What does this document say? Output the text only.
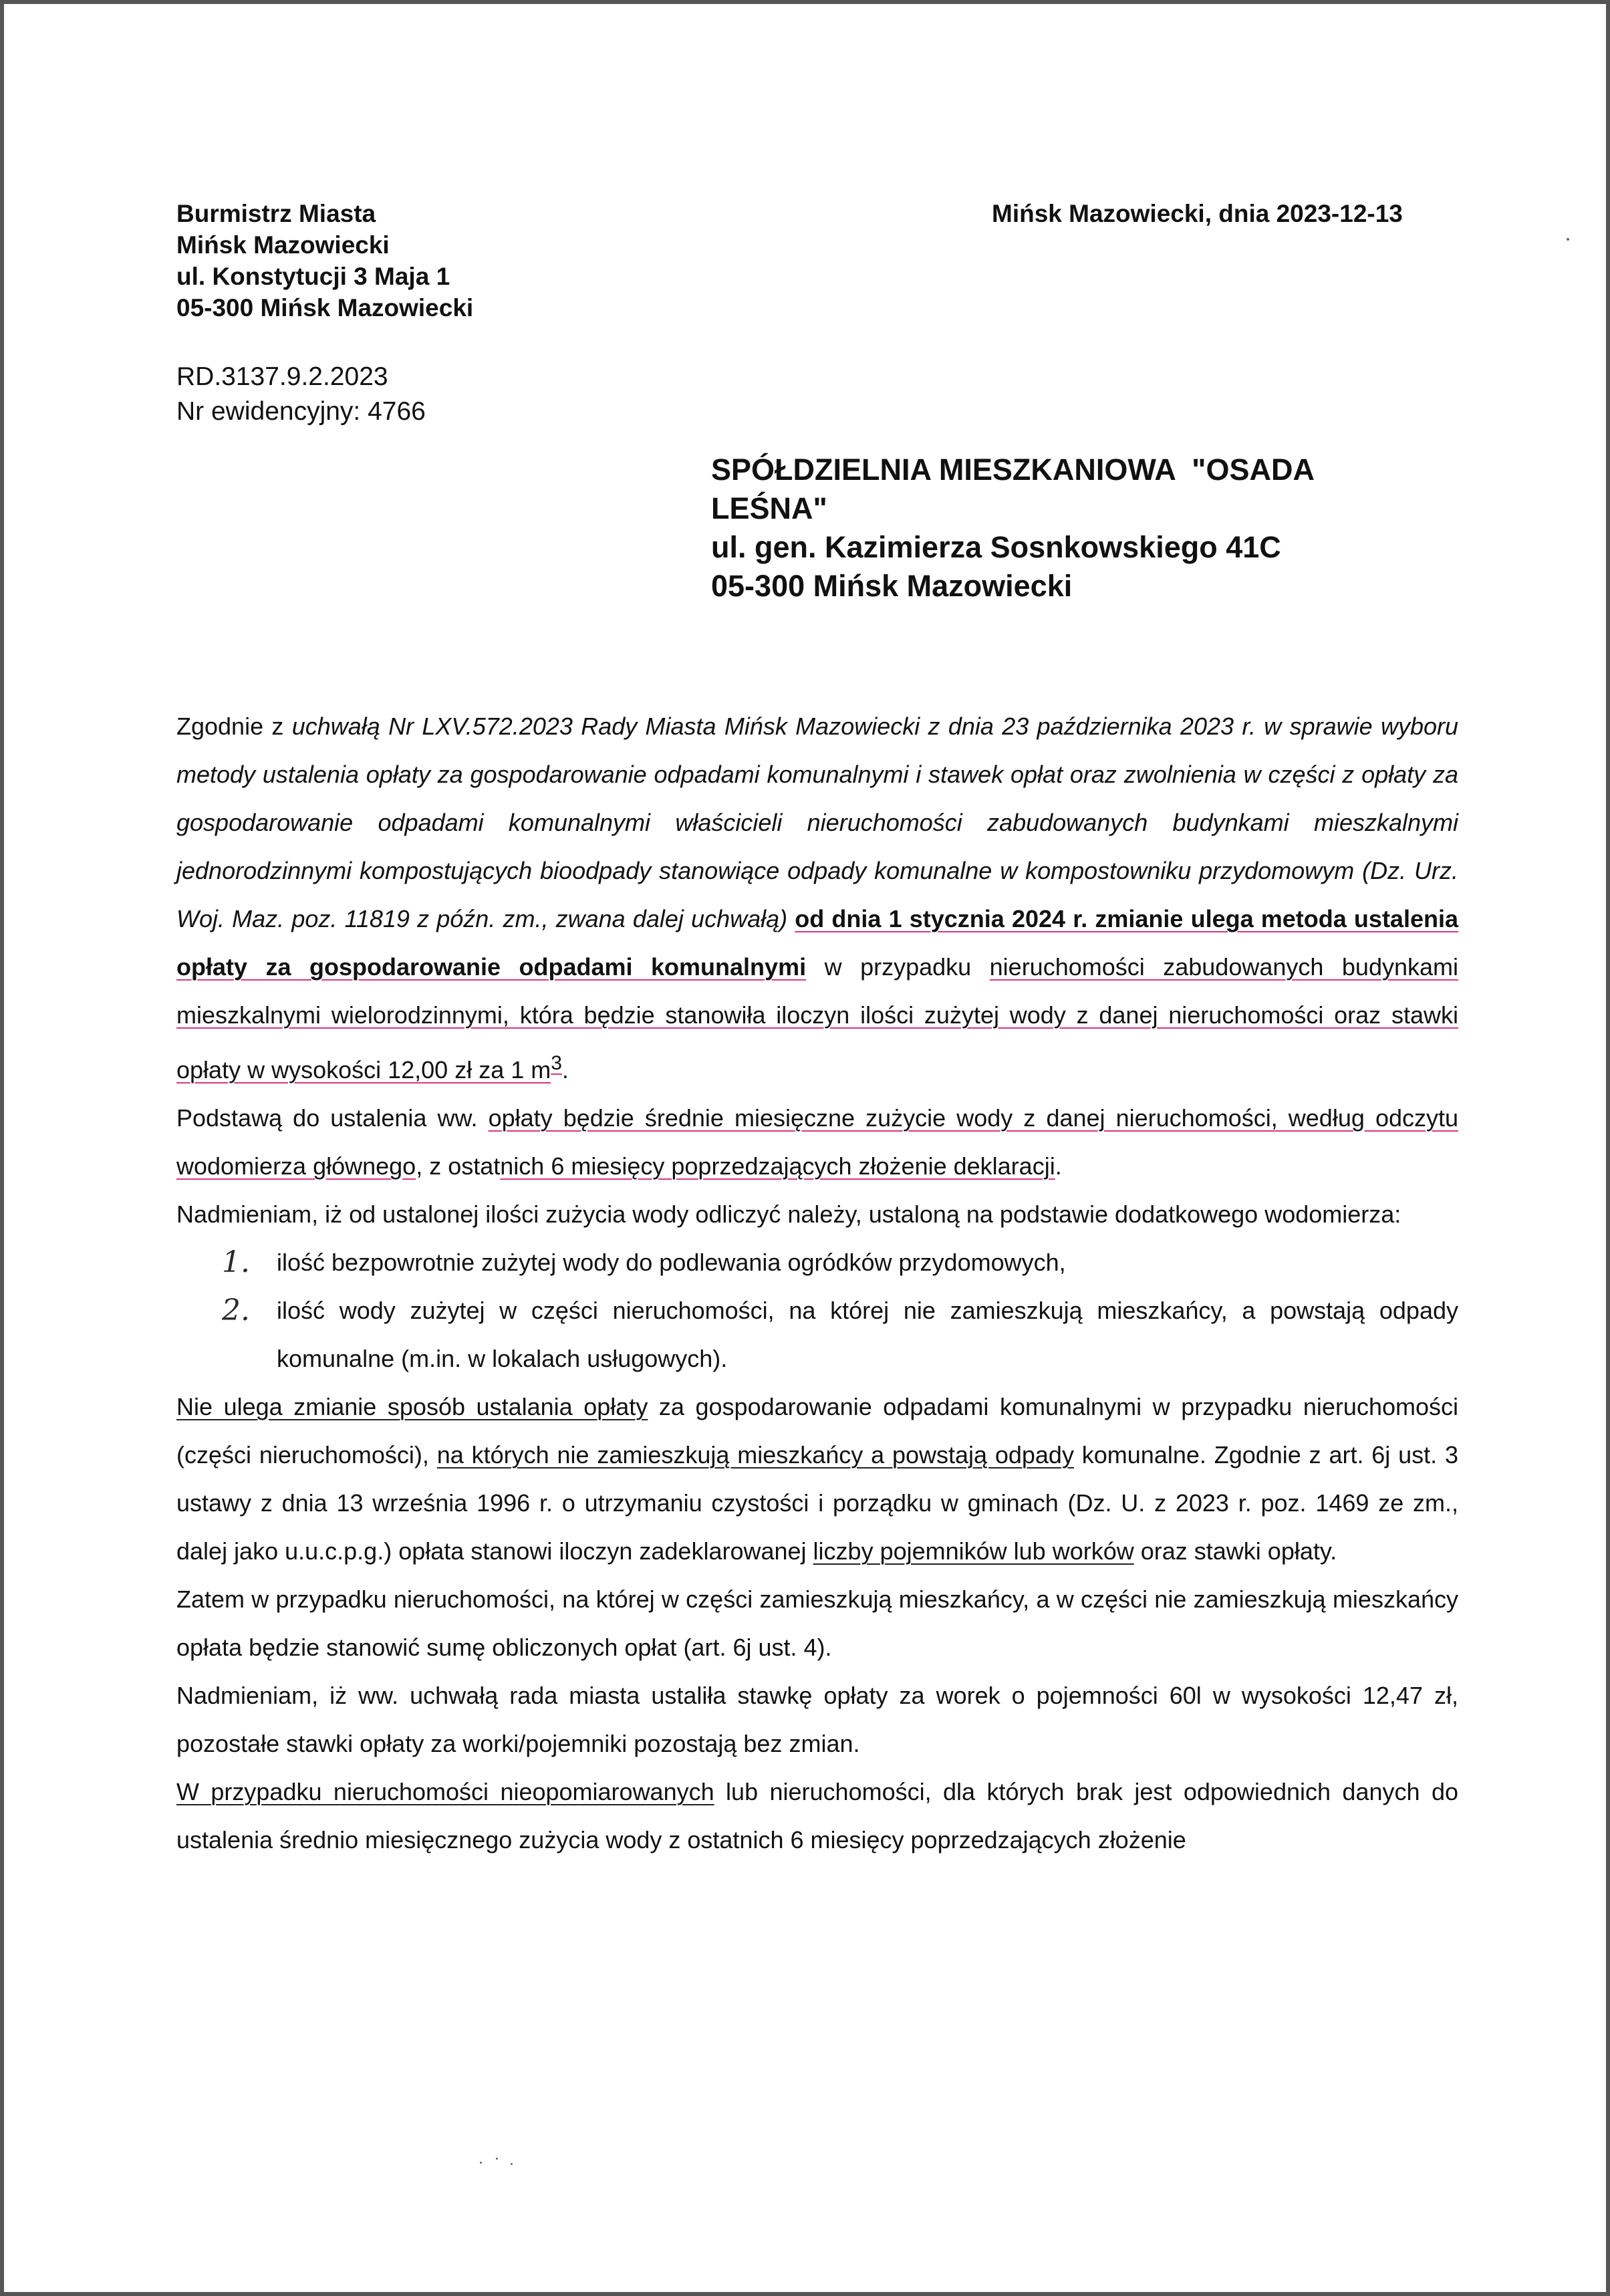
Burmistrz Miasta
Mińsk Mazowiecki
ul. Konstytucji 3 Maja 1
05-300 Mińsk Mazowiecki
Mińsk Mazowiecki, dnia 2023-12-13
RD.3137.9.2.2023
Nr ewidencyjny: 4766
SPÓŁDZIELNIA MIESZKANIOWA  "OSADA
LEŚNA"
ul. gen. Kazimierza Sosnkowskiego 41C
05-300 Mińsk Mazowiecki

Zgodnie z uchwałą Nr LXV.572.2023 Rady Miasta Mińsk Mazowiecki z dnia 23 października 2023 r. w sprawie wyboru metody ustalenia opłaty za gospodarowanie odpadami komunalnymi i stawek opłat oraz zwolnienia w części z opłaty za gospodarowanie odpadami komunalnymi właścicieli nieruchomości zabudowanych budynkami mieszkalnymi jednorodzinnymi kompostujących bioodpady stanowiące odpady komunalne w kompostowniku przydomowym (Dz. Urz. Woj. Maz. poz. 11819 z późn. zm., zwana dalej uchwałą) od dnia 1 stycznia 2024 r. zmianie ulega metoda ustalenia opłaty za gospodarowanie odpadami komunalnymi w przypadku nieruchomości zabudowanych budynkami mieszkalnymi wielorodzinnymi, która będzie stanowiła iloczyn ilości zużytej wody z danej nieruchomości oraz stawki opłaty w wysokości 12,00 zł za 1 $m^3$.

Podstawą do ustalenia ww. opłaty będzie średnie miesięczne zużycie wody z danej nieruchomości, według odczytu wodomierza głównego, z ostatnich 6 miesięcy poprzedzających złożenie deklaracji.

Nadmieniam, iż od ustalonej ilości zużycia wody odliczyć należy, ustaloną na podstawie dodatkowego wodomierza:

1. ilość bezpowrotnie zużytej wody do podlewania ogródków przydomowych,
2. ilość wody zużytej w części nieruchomości, na której nie zamieszkują mieszkańcy, a powstają odpady komunalne (m.in. w lokalach usługowych).

Nie ulega zmianie sposób ustalania opłaty za gospodarowanie odpadami komunalnymi w przypadku nieruchomości (części nieruchomości), na których nie zamieszkują mieszkańcy a powstają odpady komunalne. Zgodnie z art. 6j ust. 3 ustawy z dnia 13 września 1996 r. o utrzymaniu czystości i porządku w gminach (Dz. U. z 2023 r. poz. 1469 ze zm., dalej jako u.u.c.p.g.) opłata stanowi iloczyn zadeklarowanej liczby pojemników lub worków oraz stawki opłaty.

Zatem w przypadku nieruchomości, na której w części zamieszkują mieszkańcy, a w części nie zamieszkują mieszkańcy opłata będzie stanowić sumę obliczonych opłat (art. 6j ust. 4).

Nadmieniam, iż ww. uchwałą rada miasta ustaliła stawkę opłaty za worek o pojemności 60l w wysokości 12,47 zł, pozostałe stawki opłaty za worki/pojemniki pozostają bez zmian.

W przypadku nieruchomości nieopomiarowanych lub nieruchomości, dla których brak jest odpowiednich danych do ustalenia średnio miesięcznego zużycia wody z ostatnich 6 miesięcy poprzedzających złożenie
